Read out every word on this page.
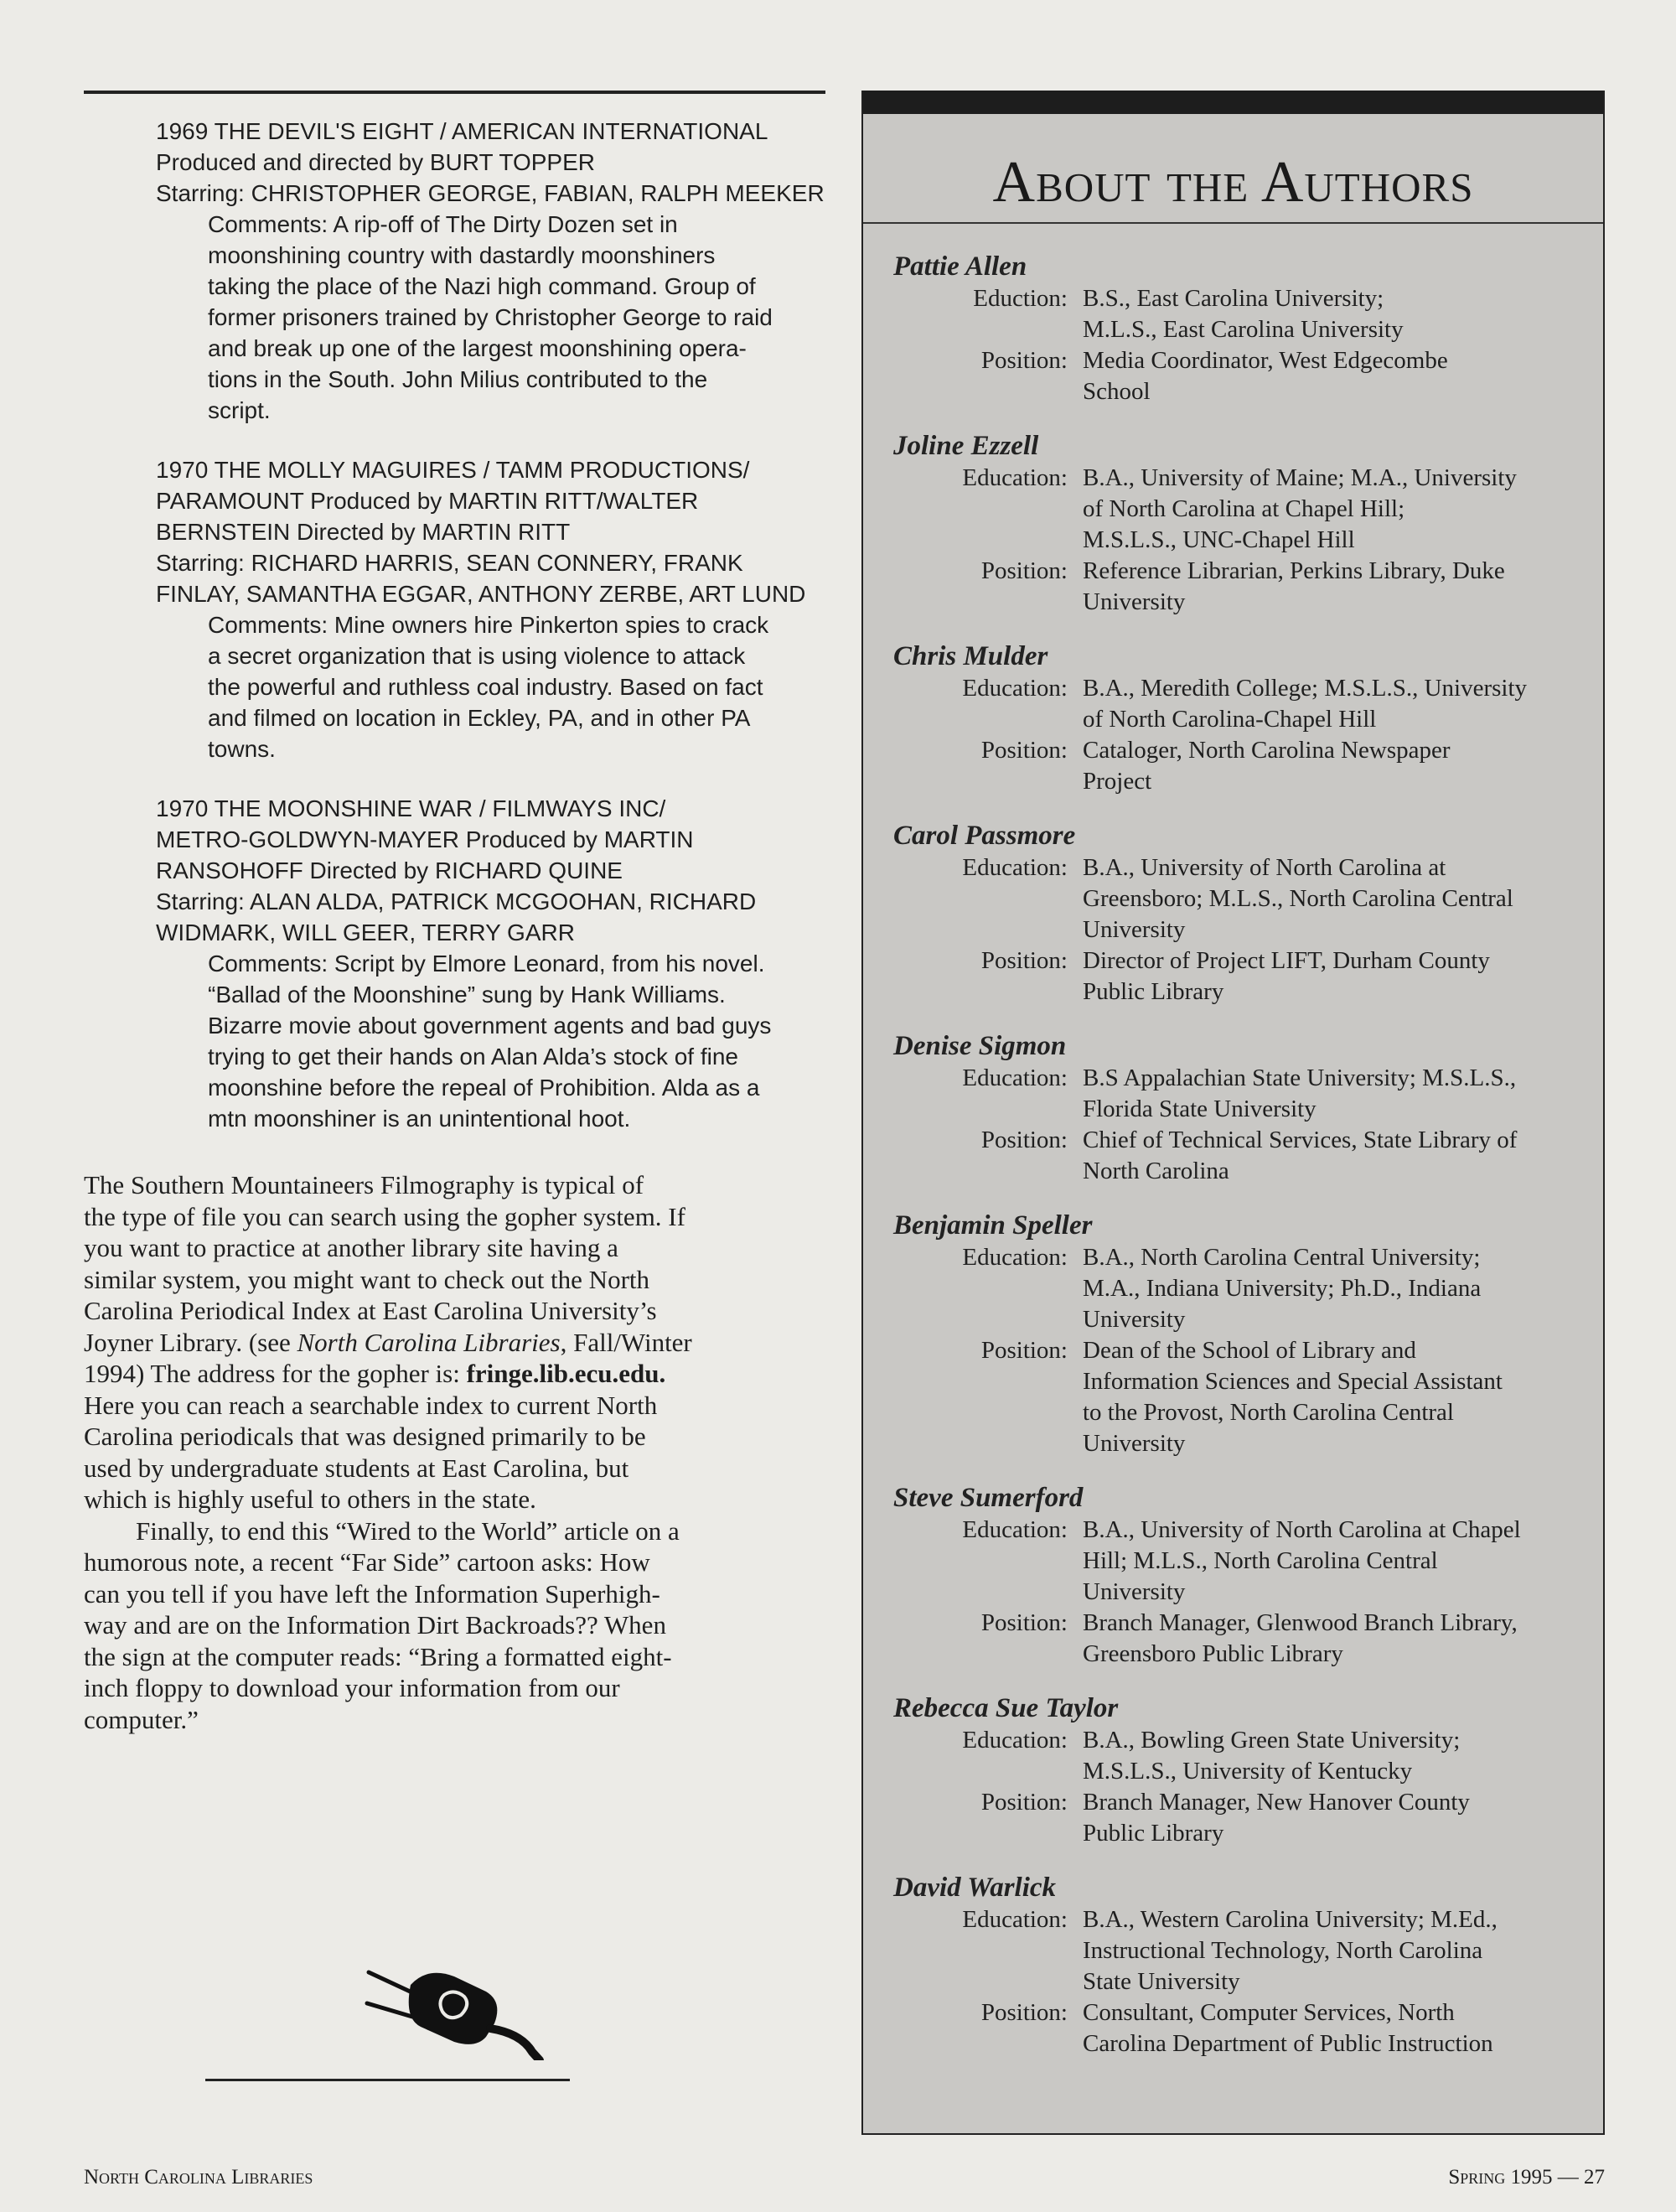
1969 THE DEVIL'S EIGHT / AMERICAN INTERNATIONAL
Produced and directed by BURT TOPPER
Starring: CHRISTOPHER GEORGE, FABIAN, RALPH MEEKER
Comments: A rip-off of The Dirty Dozen set in
moonshining country with dastardly moonshiners
taking the place of the Nazi high command. Group of
former prisoners trained by Christopher George to raid
and break up one of the largest moonshining opera-
tions in the South. John Milius contributed to the
script.
1970 THE MOLLY MAGUIRES / TAMM PRODUCTIONS/
PARAMOUNT Produced by MARTIN RITT/WALTER
BERNSTEIN Directed by MARTIN RITT
Starring: RICHARD HARRIS, SEAN CONNERY, FRANK
FINLAY, SAMANTHA EGGAR, ANTHONY ZERBE, ART LUND
Comments: Mine owners hire Pinkerton spies to crack
a secret organization that is using violence to attack
the powerful and ruthless coal industry. Based on fact
and filmed on location in Eckley, PA, and in other PA
towns.
1970 THE MOONSHINE WAR / FILMWAYS INC/
METRO-GOLDWYN-MAYER Produced by MARTIN
RANSOHOFF Directed by RICHARD QUINE
Starring: ALAN ALDA, PATRICK MCGOOHAN, RICHARD
WIDMARK, WILL GEER, TERRY GARR
Comments: Script by Elmore Leonard, from his novel.
“Ballad of the Moonshine” sung by Hank Williams.
Bizarre movie about government agents and bad guys
trying to get their hands on Alan Alda’s stock of fine
moonshine before the repeal of Prohibition. Alda as a
mtn moonshiner is an unintentional hoot.
The Southern Mountaineers Filmography is typical of
the type of file you can search using the gopher system. If
you want to practice at another library site having a
similar system, you might want to check out the North
Carolina Periodical Index at East Carolina University’s
Joyner Library. (see North Carolina Libraries, Fall/Winter
1994) The address for the gopher is: fringe.lib.ecu.edu.
Here you can reach a searchable index to current North
Carolina periodicals that was designed primarily to be
used by undergraduate students at East Carolina, but
which is highly useful to others in the state.
Finally, to end this “Wired to the World” article on a
humorous note, a recent “Far Side” cartoon asks: How
can you tell if you have left the Information Superhigh-
way and are on the Information Dirt Backroads?? When
the sign at the computer reads: “Bring a formatted eight-
inch floppy to download your information from our
computer.”
About the Authors
Pattie Allen
Eduction: B.S., East Carolina University;
M.L.S., East Carolina University
Position: Media Coordinator, West Edgecombe
School
Joline Ezzell
Education: B.A., University of Maine; M.A., University
of North Carolina at Chapel Hill;
M.S.L.S., UNC-Chapel Hill
Position: Reference Librarian, Perkins Library, Duke
University
Chris Mulder
Education: B.A., Meredith College; M.S.L.S., University
of North Carolina-Chapel Hill
Position: Cataloger, North Carolina Newspaper
Project
Carol Passmore
Education: B.A., University of North Carolina at
Greensboro; M.L.S., North Carolina Central
University
Position: Director of Project LIFT, Durham County
Public Library
Denise Sigmon
Education: B.S Appalachian State University; M.S.L.S.,
Florida State University
Position: Chief of Technical Services, State Library of
North Carolina
Benjamin Speller
Education: B.A., North Carolina Central University;
M.A., Indiana University; Ph.D., Indiana
University
Position: Dean of the School of Library and
Information Sciences and Special Assistant
to the Provost, North Carolina Central
University
Steve Sumerford
Education: B.A., University of North Carolina at Chapel
Hill; M.L.S., North Carolina Central
University
Position: Branch Manager, Glenwood Branch Library,
Greensboro Public Library
Rebecca Sue Taylor
Education: B.A., Bowling Green State University;
M.S.L.S., University of Kentucky
Position: Branch Manager, New Hanover County
Public Library
David Warlick
Education: B.A., Western Carolina University; M.Ed.,
Instructional Technology, North Carolina
State University
Position: Consultant, Computer Services, North
Carolina Department of Public Instruction
North Carolina Libraries	Spring 1995 — 27
